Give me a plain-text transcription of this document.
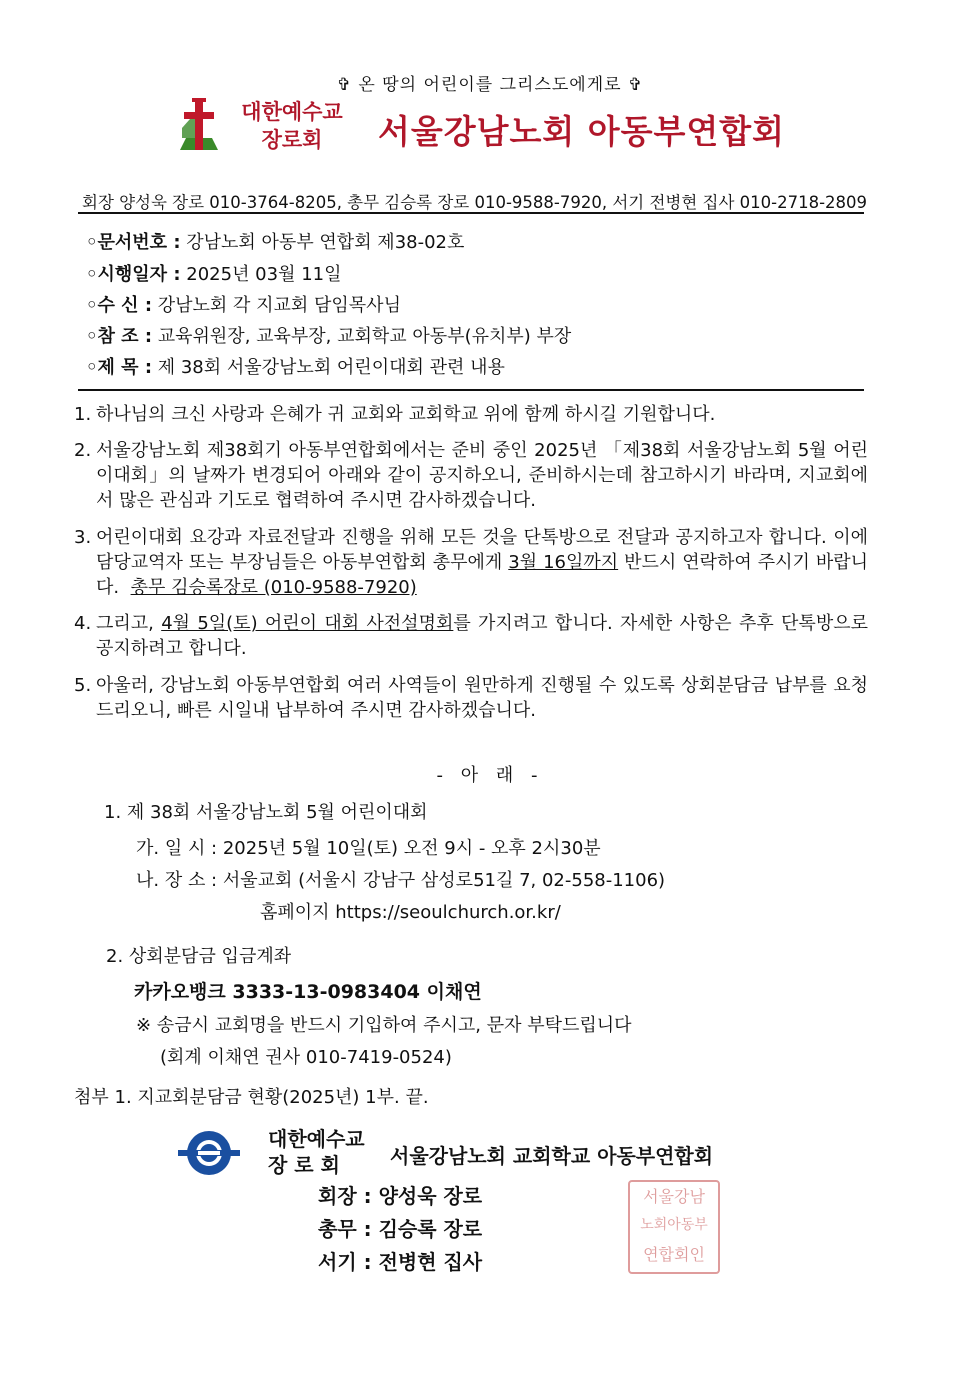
✞ 온 땅의 어린이를 그리스도에게로 ✞
대한예수교
장로회	서울강남노회 아동부연합회
회장 양성욱 장로 010-3764-8205, 총무 김승록 장로 010-9588-7920, 서기 전병현 집사 010-2718-2809
◦문서번호 : 강남노회 아동부 연합회 제38-02호
◦시행일자 : 2025년 03월 11일
◦수 신 : 강남노회 각 지교회 담임목사님
◦참 조 : 교육위원장, 교육부장, 교회학교 아동부(유치부) 부장
◦제 목 : 제 38회 서울강남노회 어린이대회 관련 내용
1. 하나님의 크신 사랑과 은혜가 귀 교회와 교회학교 위에 함께 하시길 기원합니다.
2. 서울강남노회 제38회기 아동부연합회에서는 준비 중인 2025년 「제38회 서울강남노회 5월 어린이대회」의 날짜가 변경되어 아래와 같이 공지하오니, 준비하시는데 참고하시기 바라며, 지교회에서 많은 관심과 기도로 협력하여 주시면 감사하겠습니다.
3. 어린이대회 요강과 자료전달과 진행을 위해 모든 것을 단톡방으로 전달과 공지하고자 합니다. 이에 담당교역자 또는 부장님들은 아동부연합회 총무에게 3월 16일까지 반드시 연락하여 주시기 바랍니다. 총무 김승록장로 (010-9588-7920)
4. 그리고, 4월 5일(토) 어린이 대회 사전설명회를 가지려고 합니다. 자세한 사항은 추후 단톡방으로 공지하려고 합니다.
5. 아울러, 강남노회 아동부연합회 여러 사역들이 원만하게 진행될 수 있도록 상회분담금 납부를 요청 드리오니, 빠른 시일내 납부하여 주시면 감사하겠습니다.
- 아 래 -
1. 제 38회 서울강남노회 5월 어린이대회
가. 일 시 : 2025년 5월 10일(토) 오전 9시 - 오후 2시30분
나. 장 소 : 서울교회 (서울시 강남구 삼성로51길 7, 02-558-1106)
홈페이지 https://seoulchurch.or.kr/
2. 상회분담금 입금계좌
카카오뱅크 3333-13-0983404 이채연
※ 송금시 교회명을 반드시 기입하여 주시고, 문자 부탁드립니다
(회계 이채연 권사 010-7419-0524)
첨부 1. 지교회분담금 현황(2025년) 1부. 끝.
대한예수교
장 로 회	서울강남노회 교회학교 아동부연합회
회장 : 양성욱 장로
총무 : 김승록 장로
서기 : 전병현 집사
서울강남
노회아동부
연합회인
